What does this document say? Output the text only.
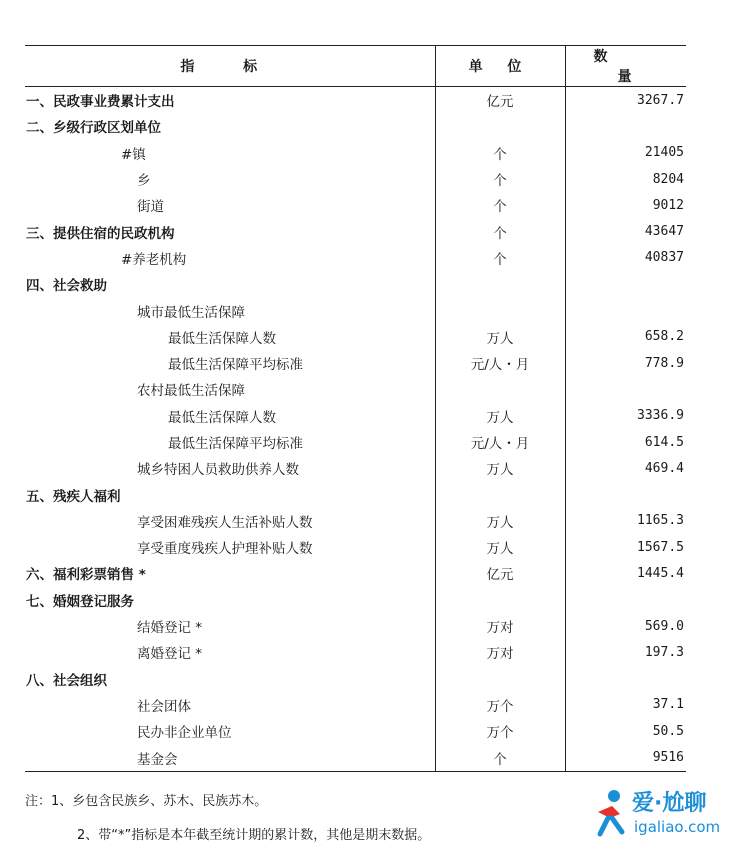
指 标	单 位	数量
一、民政事业费累计支出	亿元	3267.7
二、乡级行政区划单位		
#镇	个	21405
乡	个	8204
街道	个	9012
三、提供住宿的民政机构	个	43647
#养老机构	个	40837
四、社会救助		
城市最低生活保障		
最低生活保障人数	万人	658.2
最低生活保障平均标准	元/人・月	778.9
农村最低生活保障		
最低生活保障人数	万人	3336.9
最低生活保障平均标准	元/人・月	614.5
城乡特困人员救助供养人数	万人	469.4
五、残疾人福利		
享受困难残疾人生活补贴人数	万人	1165.3
享受重度残疾人护理补贴人数	万人	1567.5
六、福利彩票销售 *	亿元	1445.4
七、婚姻登记服务		
结婚登记 *	万对	569.0
离婚登记 *	万对	197.3
八、社会组织		
社会团体	万个	37.1
民办非企业单位	万个	50.5
基金会	个	9516
注：1、乡包含民族乡、苏木、民族苏木。
2、带“*”指标是本年截至统计期的累计数，其他是期末数据。
爱·尬聊
igaliao.com
